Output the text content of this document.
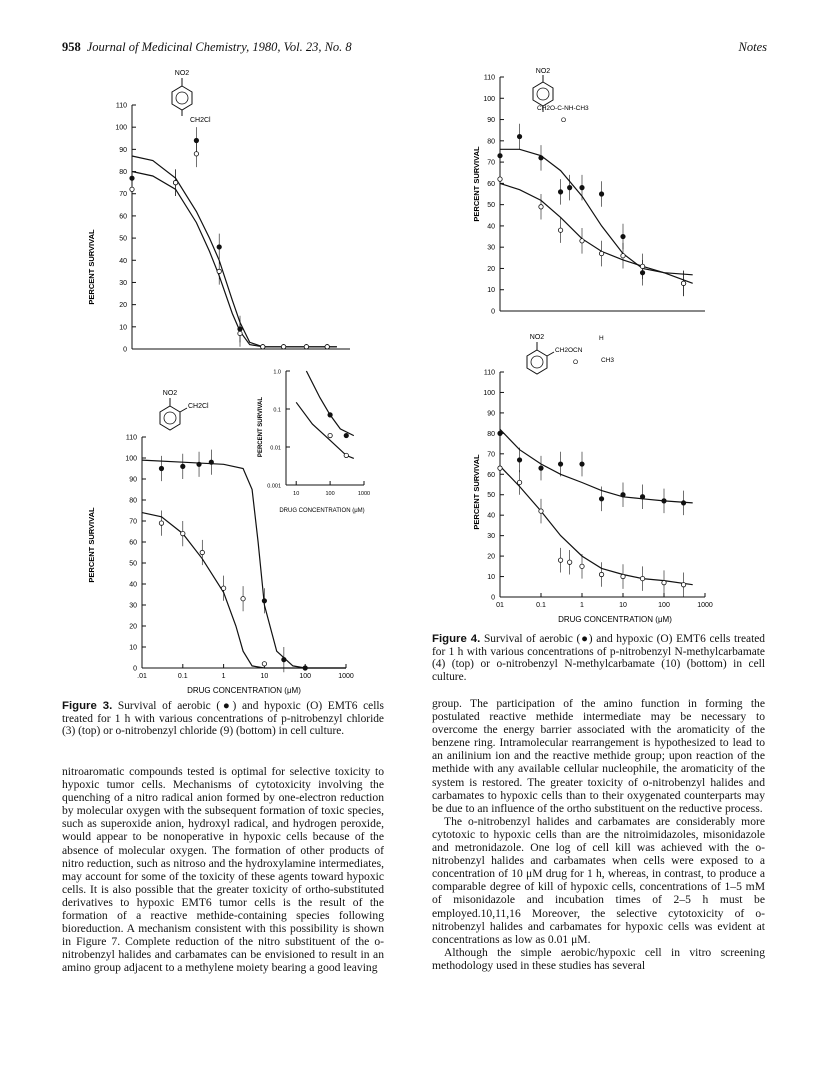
958 Journal of Medicinal Chemistry, 1980, Vol. 23, No. 8	Notes
NO2
CH2Cl
PERCENT SURVIVAL
0
10
20
30
40
50
60
70
80
90
100
110
NO2
CH2Cl
PERCENT SURVIVAL
DRUG CONCENTRATION (μM)
0
10
20
30
40
50
60
70
80
90
100
110
.01	0.1	1	10	100	1000
PERCENT SURVIVAL
DRUG CONCENTRATION (μM)
0.001
0.01
0.1
1.0
10	100	1000
NO2
CH2O-C-NH-CH3
O
PERCENT SURVIVAL
0
10
20
30
40
50
60
70
80
90
100
110
NO2
CH2OCN
H
CH3
O
PERCENT SURVIVAL
DRUG CONCENTRATION (μM)
0
10
20
30
40
50
60
70
80
90
100
110
01	0.1	1	10	100	1000
Figure 3. Survival of aerobic (●) and hypoxic (O) EMT6 cells treated for 1 h with various concentrations of p-nitrobenzyl chloride (3) (top) or o-nitrobenzyl chloride (9) (bottom) in cell culture.
Figure 4. Survival of aerobic (●) and hypoxic (O) EMT6 cells treated for 1 h with various concentrations of p-nitrobenzyl N-methylcarbamate (4) (top) or o-nitrobenzyl N-methylcarbamate (10) (bottom) in cell culture.

nitroaromatic compounds tested is optimal for selective toxicity to hypoxic tumor cells. Mechanisms of cytotoxicity involving the quenching of a nitro radical anion formed by one-electron reduction by molecular oxygen with the subsequent formation of toxic species, such as superoxide anion, hydroxyl radical, and hydrogen peroxide, would appear to be nonoperative in hypoxic cells because of the absence of molecular oxygen. The formation of other products of nitro reduction, such as nitroso and the hydroxylamine intermediates, may account for some of the toxicity of these agents toward hypoxic cells. It is also possible that the greater toxicity of ortho-substituted derivatives to hypoxic EMT6 tumor cells is the result of the formation of a reactive methide-containing species following bioreduction. A mechanism consistent with this possibility is shown in Figure 7. Complete reduction of the nitro substituent of the o-nitrobenzyl halides and carbamates can be envisioned to result in an amino group adjacent to a methylene moiety bearing a good leaving

group. The participation of the amino function in forming the postulated reactive methide intermediate may be necessary to overcome the energy barrier associated with the aromaticity of the benzene ring. Intramolecular rearrangement is hypothesized to lead to an anilinium ion and the reactive methide group; upon reaction of the methide with any available cellular nucleophile, the aromaticity of the system is restored. The greater toxicity of o-nitrobenzyl halides and carbamates to hypoxic cells than to their oxygenated counterparts may be due to an influence of the ortho substituent on the reductive process.

The o-nitrobenzyl halides and carbamates are considerably more cytotoxic to hypoxic cells than are the nitroimidazoles, misonidazole and metronidazole. One log of cell kill was achieved with the o-nitrobenzyl halides and carbamates when cells were exposed to a concentration of 10 μM drug for 1 h, whereas, in contrast, to produce a comparable degree of kill of hypoxic cells, concentrations of 1–5 mM of misonidazole and incubation times of 2–5 h must be employed.10,11,16 Moreover, the selective cytotoxicity of o-nitrobenzyl halides and carbamates for hypoxic cells was evident at concentrations as low as 0.01 μM.

Although the simple aerobic/hypoxic cell in vitro screening methodology used in these studies has several
